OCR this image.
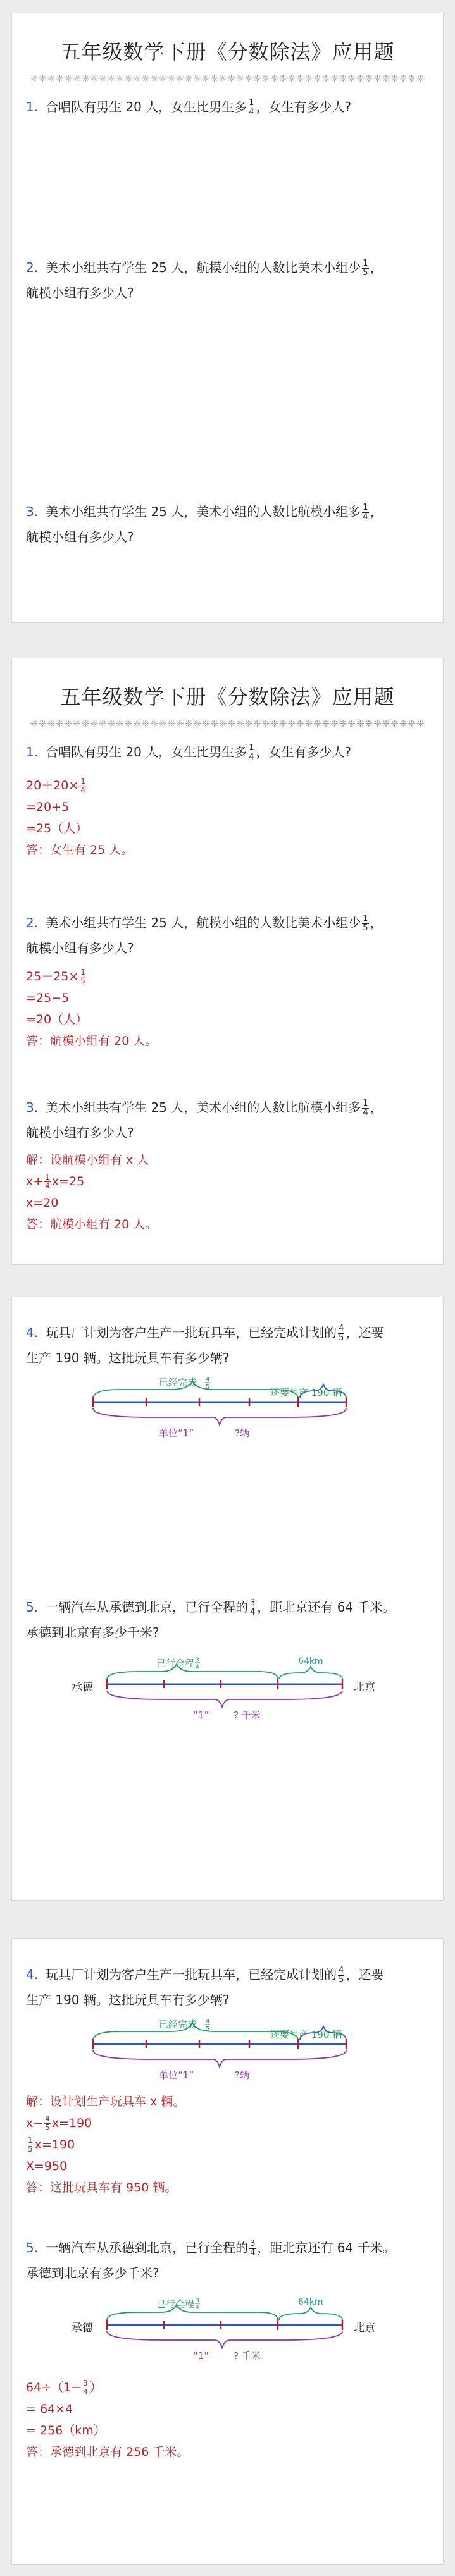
五年级数学下册《分数除法》应用题
❈❈❈❈❈❈❈❈❈❈❈❈❈❈❈❈❈❈❈❈❈❈❈❈❈❈❈❈❈❈❈❈❈❈❈❈❈❈❈❈❈❈❈❈❈❈
1. 合唱队有男生 20 人，女生比男生多 $\frac{1}{4}$ ，女生有多少人?
2. 美术小组共有学生 25 人，航模小组的人数比美术小组少 $\frac{1}{5}$ ，
航模小组有多少人?
3. 美术小组共有学生 25 人，美术小组的人数比航模小组多 $\frac{1}{4}$ ，
航模小组有多少人?
五年级数学下册《分数除法》应用题
❈❈❈❈❈❈❈❈❈❈❈❈❈❈❈❈❈❈❈❈❈❈❈❈❈❈❈❈❈❈❈❈❈❈❈❈❈❈❈❈❈❈❈❈❈❈
1. 合唱队有男生 20 人，女生比男生多 $\frac{1}{4}$ ，女生有多少人?
$20+20\times \frac{1}{4}$
=20+5
=25（人）
答：女生有 25 人。
2. 美术小组共有学生 25 人，航模小组的人数比美术小组少 $\frac{1}{5}$ ，
航模小组有多少人?
$25-25\times \frac{1}{5}$
=25−5
=20（人）
答：航模小组有 20 人。
3. 美术小组共有学生 25 人，美术小组的人数比航模小组多 $\frac{1}{4}$ ，
航模小组有多少人?
解：设航模小组有 x 人
$x+ \frac{1}{4} x=25$
x=20
答：航模小组有 20 人。
4. 玩具厂计划为客户生产一批玩具车，已经完成计划的 $\frac{4}{5}$ ，还要
生产 190 辆。这批玩具车有多少辆?
已经完成 4
5	还要生产 190 辆
单位“1”	?辆
5. 一辆汽车从承德到北京，已行全程的 $\frac{3}{4}$ ，距北京还有 64 千米。
承德到北京有多少千米?
承德	北京
已行全程 3
4
64km
“1”	? 千米
4. 玩具厂计划为客户生产一批玩具车，已经完成计划的 $\frac{4}{5}$ ，还要
生产 190 辆。这批玩具车有多少辆?
已经完成 4
5	还要生产 190 辆
单位“1”	?辆
解：设计划生产玩具车 x 辆。
$x- \frac{4}{5} x=190$
$\frac{1}{5} x=190$
X=950
答：这批玩具车有 950 辆。
5. 一辆汽车从承德到北京，已行全程的 $\frac{3}{4}$ ，距北京还有 64 千米。
承德到北京有多少千米?
承德	北京
已行全程 3
4
64km
“1”	? 千米
$64\div(1- \frac{3}{4}$ ）
= 64×4
= 256（km）
答：承德到北京有 256 千米。
